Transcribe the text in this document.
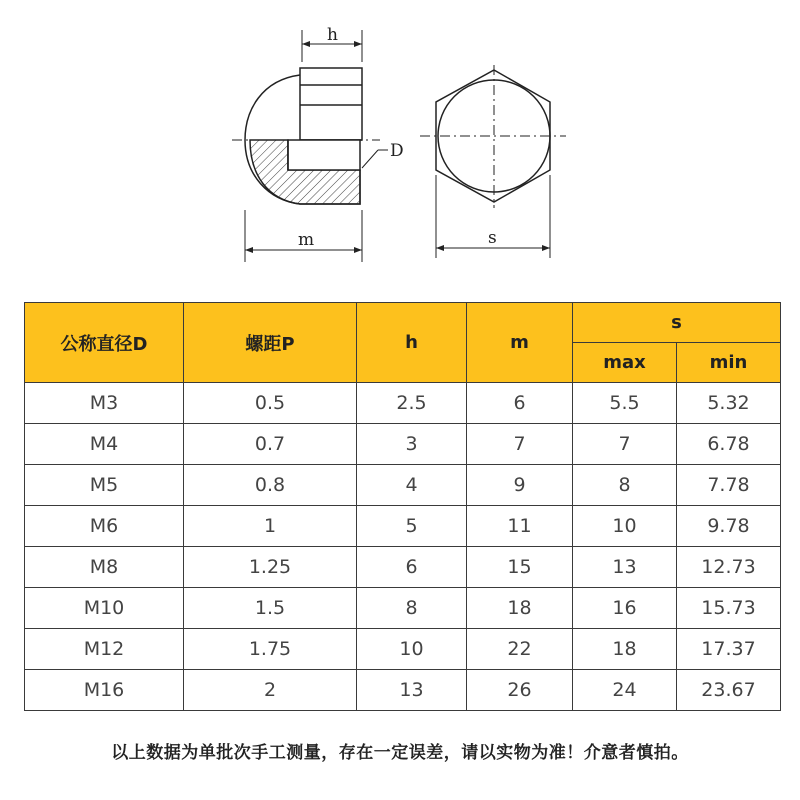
h
D
m	s
公称直径D	螺距P	h	m	s	
				max	min
M3	0.5	2.5	6	5.5	5.32
M4	0.7	3	7	7	6.78
M5	0.8	4	9	8	7.78
M6	1	5	11	10	9.78
M8	1.25	6	15	13	12.73
M10	1.5	8	18	16	15.73
M12	1.75	10	22	18	17.37
M16	2	13	26	24	23.67
以上数据为单批次手工测量，存在一定误差，请以实物为准！介意者慎拍。
